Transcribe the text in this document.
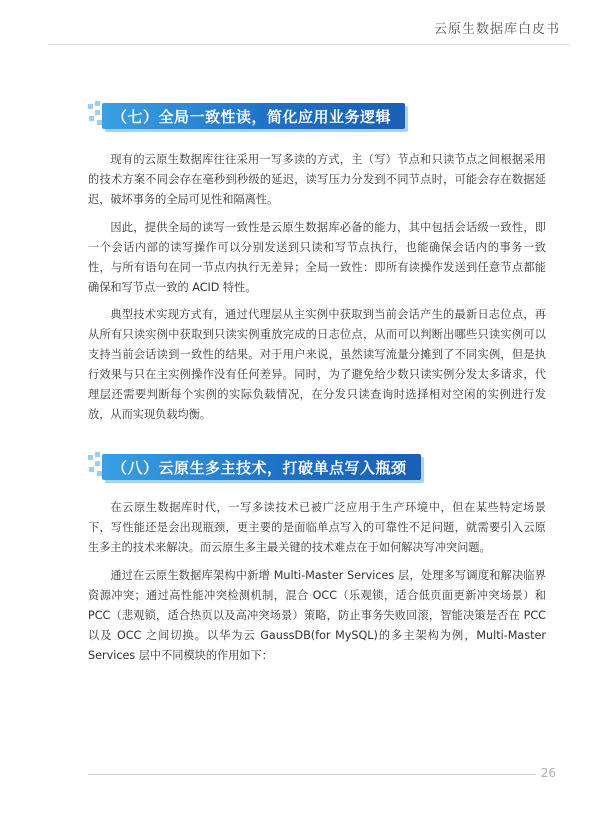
云原生数据库白皮书
（七）全局一致性读，简化应用业务逻辑

现有的云原生数据库往往采用一写多读的方式，主（写）节点和只读节点之间根据采用的技术方案不同会存在毫秒到秒级的延迟，读写压力分发到不同节点时，可能会存在数据延迟，破坏事务的全局可见性和隔离性。

因此，提供全局的读写一致性是云原生数据库必备的能力，其中包括会话级一致性，即一个会话内部的读写操作可以分别发送到只读和写节点执行，也能确保会话内的事务一致性，与所有语句在同一节点内执行无差异；全局一致性：即所有读操作发送到任意节点都能确保和写节点一致的 ACID 特性。

典型技术实现方式有，通过代理层从主实例中获取到当前会话产生的最新日志位点，再从所有只读实例中获取到只读实例重放完成的日志位点，从而可以判断出哪些只读实例可以支持当前会话读到一致性的结果。对于用户来说，虽然读写流量分摊到了不同实例，但是执行效果与只在主实例操作没有任何差异。同时，为了避免给少数只读实例分发太多请求，代理层还需要判断每个实例的实际负载情况，在分发只读查询时选择相对空闲的实例进行发放，从而实现负载均衡。

（八）云原生多主技术，打破单点写入瓶颈

在云原生数据库时代，一写多读技术已被广泛应用于生产环境中，但在某些特定场景下，写性能还是会出现瓶颈，更主要的是面临单点写入的可靠性不足问题，就需要引入云原生多主的技术来解决。而云原生多主最关键的技术难点在于如何解决写冲突问题。

通过在云原生数据库架构中新增 Multi-Master Services 层，处理多写调度和解决临界资源冲突；通过高性能冲突检测机制，混合 OCC（乐观锁，适合低页面更新冲突场景）和 PCC（悲观锁，适合热页以及高冲突场景）策略，防止事务失败回滚，智能决策是否在 PCC 以及 OCC 之间切换。以华为云 GaussDB(for MySQL)的多主架构为例，Multi-Master Services 层中不同模块的作用如下：

26
